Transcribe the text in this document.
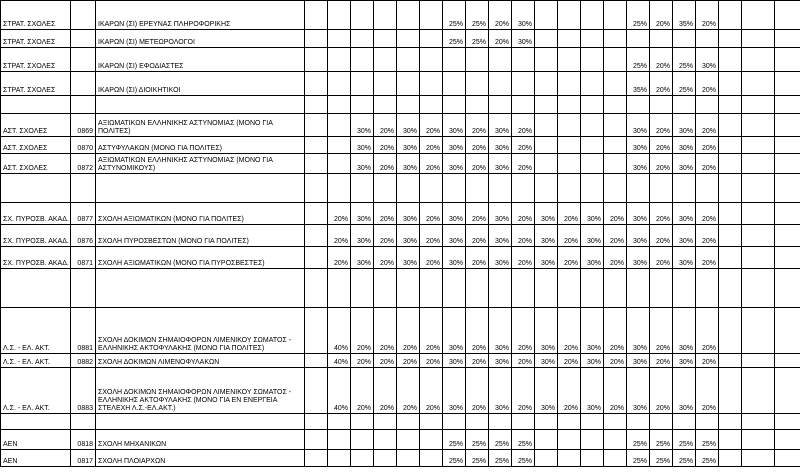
ΣΤΡΑΤ. ΣΧΟΛΕΣ		ΙΚΑΡΩΝ (ΣΙ) ΕΡΕΥΝΑΣ ΠΛΗΡΟΦΟΡΙΚΗΣ							25%	25%	20%	30%					25%	20%	35%	20%					
ΣΤΡΑΤ. ΣΧΟΛΕΣ		ΙΚΑΡΩΝ (ΣΙ) ΜΕΤΕΩΡΟΛΟΓΟΙ							25%	25%	20%	30%													
ΣΤΡΑΤ. ΣΧΟΛΕΣ		ΙΚΑΡΩΝ (ΣΙ) ΕΦΟΔΙΑΣΤΕΣ															25%	20%	25%	30%					
ΣΤΡΑΤ. ΣΧΟΛΕΣ		ΙΚΑΡΩΝ (ΣΙ) ΔΙΟΙΚΗΤΙΚΟΙ															35%	20%	25%	20%					

ΑΣΤ. ΣΧΟΛΕΣ	0869	ΑΞΙΩΜΑΤΙΚΩΝ ΕΛΛΗΝΙΚΗΣ ΑΣΤΥΝΟΜΙΑΣ (ΜΟΝΟ ΓΙΑ ΠΟΛΙΤΕΣ)			30%	20%	30%	20%	30%	20%	30%	20%					30%	20%	30%	20%					
ΑΣΤ. ΣΧΟΛΕΣ	0870	ΑΣΤΥΦΥΛΑΚΩΝ (ΜΟΝΟ ΓΙΑ ΠΟΛΙΤΕΣ)			30%	20%	30%	20%	30%	20%	30%	20%					30%	20%	30%	20%					
ΑΣΤ. ΣΧΟΛΕΣ	0872	ΑΞΙΩΜΑΤΙΚΩΝ ΕΛΛΗΝΙΚΗΣ ΑΣΤΥΝΟΜΙΑΣ (ΜΟΝΟ ΓΙΑ ΑΣΤΥΝΟΜΙΚΟΥΣ)			30%	20%	30%	20%	30%	20%	30%	20%					30%	20%	30%	20%					

ΣΧ. ΠΥΡΟΣΒ. ΑΚΑΔ.	0877	ΣΧΟΛΗ ΑΞΙΩΜΑΤΙΚΩΝ (ΜΟΝΟ ΓΙΑ ΠΟΛΙΤΕΣ)		20%	30%	20%	30%	20%	30%	20%	30%	20%	30%	20%	30%	20%	30%	20%	30%	20%					
ΣΧ. ΠΥΡΟΣΒ. ΑΚΑΔ.	0876	ΣΧΟΛΗ ΠΥΡΟΣΒΕΣΤΩΝ (ΜΟΝΟ ΓΙΑ ΠΟΛΙΤΕΣ)		20%	30%	20%	30%	20%	30%	20%	30%	20%	30%	20%	30%	20%	30%	20%	30%	20%					
ΣΧ. ΠΥΡΟΣΒ. ΑΚΑΔ.	0871	ΣΧΟΛΗ ΑΞΙΩΜΑΤΙΚΩΝ (ΜΟΝΟ ΓΙΑ ΠΥΡΟΣΒΕΣΤΕΣ)		20%	30%	20%	30%	20%	30%	20%	30%	20%	30%	20%	30%	20%	30%	20%	30%	20%					

Λ.Σ. - ΕΛ. ΑΚΤ.	0881	ΣΧΟΛΗ ΔΟΚΙΜΩΝ ΣΗΜΑΙΟΦΟΡΩΝ ΛΙΜΕΝΙΚΟΥ ΣΩΜΑΤΟΣ - ΕΛΛΗΝΙΚΗΣ ΑΚΤΟΦΥΛΑΚΗΣ (ΜΟΝΟ ΓΙΑ ΠΟΛΙΤΕΣ)		40%	20%	20%	20%	20%	30%	20%	30%	20%	30%	20%	30%	20%	30%	20%	30%	20%					
Λ.Σ. - ΕΛ. ΑΚΤ.	0882	ΣΧΟΛΗ ΔΟΚΙΜΩΝ ΛΙΜΕΝΟΦΥΛΑΚΩΝ		40%	20%	20%	20%	20%	30%	20%	30%	20%	30%	20%	30%	20%	30%	20%	30%	20%					
Λ.Σ. - ΕΛ. ΑΚΤ.	0883	ΣΧΟΛΗ ΔΟΚΙΜΩΝ ΣΗΜΑΙΟΦΟΡΩΝ ΛΙΜΕΝΙΚΟΥ ΣΩΜΑΤΟΣ - ΕΛΛΗΝΙΚΗΣ ΑΚΤΟΦΥΛΑΚΗΣ (ΜΟΝΟ ΓΙΑ ΕΝ ΕΝΕΡΓΕΙΑ ΣΤΕΛΕΧΗ Λ.Σ.-ΕΛ.ΑΚΤ.)		40%	20%	20%	20%	20%	30%	20%	30%	20%	30%	20%	30%	20%	30%	20%	30%	20%					

ΑΕΝ	0818	ΣΧΟΛΗ ΜΗΧΑΝΙΚΩΝ							25%	25%	25%	25%					25%	25%	25%	25%					
ΑΕΝ	0817	ΣΧΟΛΗ ΠΛΟΙΑΡΧΩΝ							25%	25%	25%	25%					25%	25%	25%	25%					
